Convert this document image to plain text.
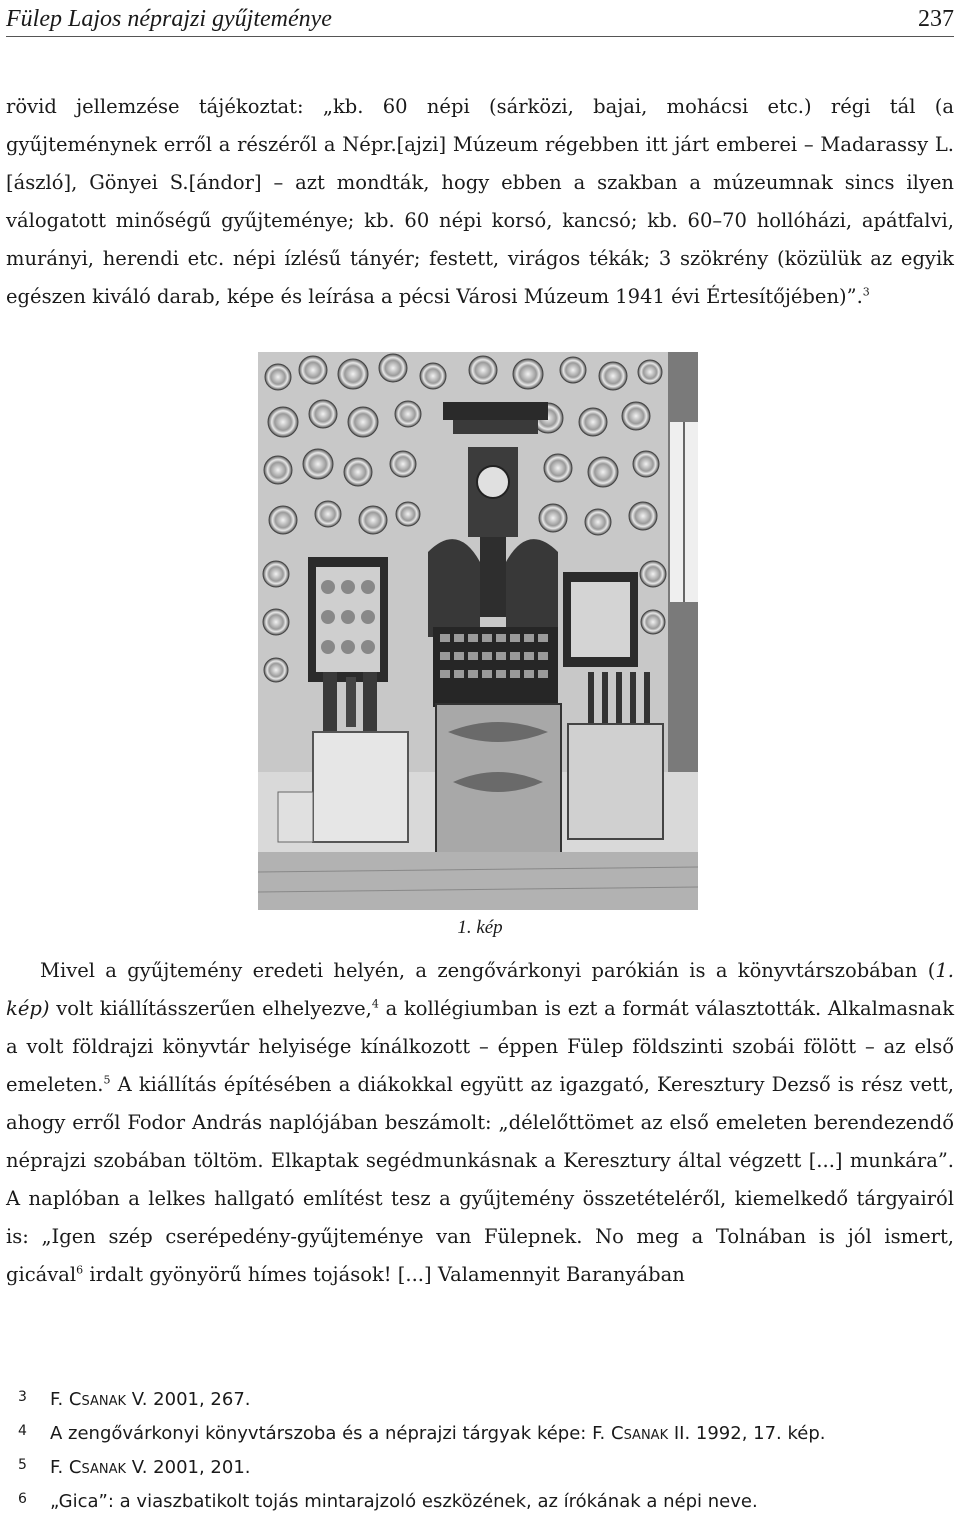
Fülep Lajos néprajzi gyűjteménye	237

rövid jellemzése tájékoztat: „kb. 60 népi (sárközi, bajai, mohácsi etc.) régi tál (a gyűjteménynek erről a részéről a Népr.[ajzi] Múzeum régebben itt járt emberei – Madarassy L.[ászló], Gönyei S.[ándor] – azt mondták, hogy ebben a szakban a múzeumnak sincs ilyen válogatott minőségű gyűjteménye; kb. 60 népi korsó, kancsó; kb. 60–70 hollóházi, apátfalvi, murányi, herendi etc. népi ízlésű tányér; festett, virágos tékák; 3 szökrény (közülük az egyik egészen kiváló darab, képe és leírása a pécsi Városi Múzeum 1941 évi Értesítőjében)”.$^3$

1. kép

Mivel a gyűjtemény eredeti helyén, a zengővárkonyi parókián is a könyvtárszobában (1. kép) volt kiállításszerűen elhelyezve,$^4$ a kollégiumban is ezt a formát választották. Alkalmasnak a volt földrajzi könyvtár helyisége kínálkozott – éppen Fülep földszinti szobái fölött – az első emeleten.$^5$ A kiállítás építésében a diákokkal együtt az igazgató, Keresztury Dezső is rész vett, ahogy erről Fodor András naplójában beszámolt: „délelőttömet az első emeleten berendezendő néprajzi szobában töltöm. Elkaptak segédmunkásnak a Keresztury által végzett [...] munkára”. A naplóban a lelkes hallgató említést tesz a gyűjtemény összetételéről, kiemelkedő tárgyairól is: „Igen szép cserépedény-gyűjteménye van Fülepnek. No meg a Tolnában is jól ismert, gicával$^6$ irdalt gyönyörű hímes tojások! [...] Valamennyit Baranyában

3 F. Csanak V. 2001, 267.
4 A zengővárkonyi könyvtárszoba és a néprajzi tárgyak képe: F. Csanak II. 1992, 17. kép.
5 F. Csanak V. 2001, 201.
6 „Gica”: a viaszbatikolt tojás mintarajzoló eszközének, az írókának a népi neve.
